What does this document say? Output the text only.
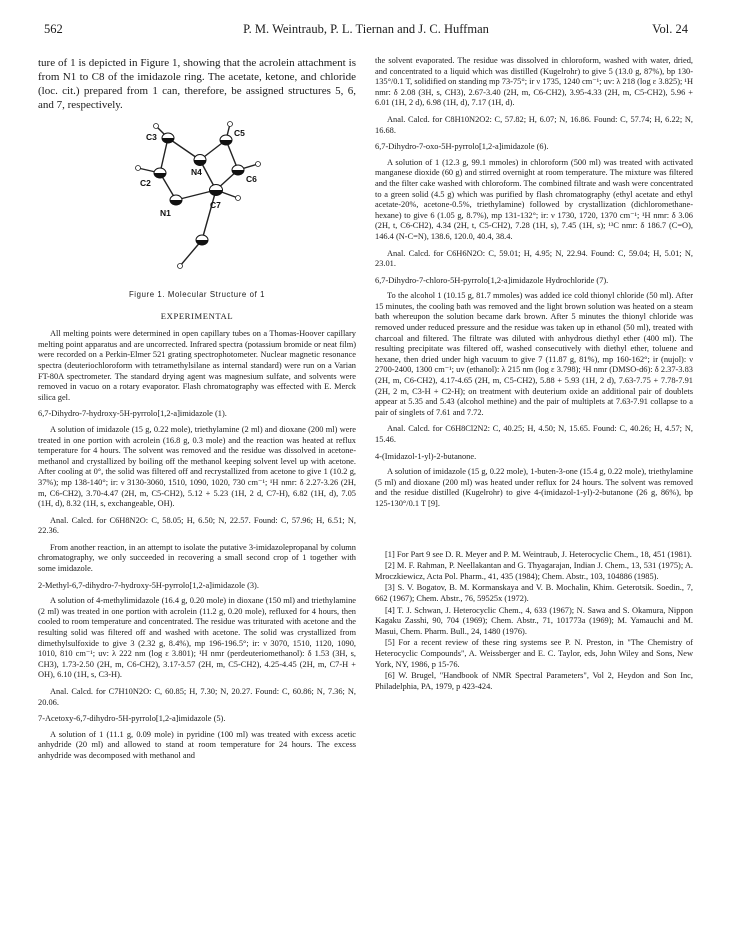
562	P. M. Weintraub, P. L. Tiernan and J. C. Huffman	Vol. 24

ture of 1 is depicted in Figure 1, showing that the acrolein attachment is from N1 to C8 of the imidazole ring. The acetate, ketone, and chloride (loc. cit.) prepared from 1 can, therefore, be assigned structures 5, 6, and 7, respectively.

C3	C5
N4
C6
C2
C7
N1
Figure 1. Molecular Structure of 1
EXPERIMENTAL

All melting points were determined in open capillary tubes on a Thomas-Hoover capillary melting point apparatus and are uncorrected. Infrared spectra (potassium bromide or neat film) were recorded on a Perkin-Elmer 521 grating spectrophotometer. Nuclear magnetic resonance spectra (deuteriochloroform with tetramethylsilane as internal standard) were run on a Varian FT-80A spectrometer. The standard drying agent was magnesium sulfate, and solvents were removed in vacuo on a rotary evaporator. Flash chromatography was effected with E. Merck silica gel.

6,7-Dihydro-7-hydroxy-5H-pyrrolo[1,2-a]imidazole (1).

A solution of imidazole (15 g, 0.22 mole), triethylamine (2 ml) and dioxane (200 ml) were treated in one portion with acrolein (16.8 g, 0.3 mole) and the reaction was heated at reflux temperature for 4 hours. The solvent was removed and the residue was dissolved in acetone-methanol and crystallized by boiling off the methanol keeping solvent level up with acetone. After cooling at 0°, the solid was filtered off and recrystallized from acetone to give 1 (10.2 g, 37%); mp 138-140°; ir: ν 3130-3060, 1510, 1090, 1020, 730 cm⁻¹; ¹H nmr: δ 2.27-3.26 (2H, m, C6-CH2), 3.70-4.47 (2H, m, C5-CH2), 5.12 + 5.23 (1H, 2 d, C7-H), 6.82 (1H, d), 7.05 (1H, d), 8.32 (1H, s, exchangeable, OH).

Anal. Calcd. for C6H8N2O: C, 58.05; H, 6.50; N, 22.57. Found: C, 57.96; H, 6.51; N, 22.36.

From another reaction, in an attempt to isolate the putative 3-imidazolepropanal by column chromatography, we only succeeded in recovering a small second crop of 1 together with some imidazole.

2-Methyl-6,7-dihydro-7-hydroxy-5H-pyrrolo[1,2-a]imidazole (3).

A solution of 4-methylimidazole (16.4 g, 0.20 mole) in dioxane (150 ml) and triethylamine (2 ml) was treated in one portion with acrolein (11.2 g, 0.20 mole), refluxed for 4 hours, then cooled to room temperature and concentrated. The residue was triturated with acetone and the resulting solid was filtered off and washed with acetone. The solid was crystallized from dimethylsulfoxide to give 3 (2.32 g, 8.4%), mp 196-196.5°; ir: ν 3070, 1510, 1120, 1090, 1010, 810 cm⁻¹; uv: λ 222 nm (log ε 3.801); ¹H nmr (perdeuteriomethanol): δ 1.53 (3H, s, CH3), 1.73-2.50 (2H, m, C6-CH2), 3.17-3.57 (2H, m, C5-CH2), 4.25-4.45 (2H, m, C7-H + OH), 6.10 (1H, s, C3-H).

Anal. Calcd. for C7H10N2O: C, 60.85; H, 7.30; N, 20.27. Found: C, 60.86; N, 7.36; N, 20.06.

7-Acetoxy-6,7-dihydro-5H-pyrrolo[1,2-a]imidazole (5).

A solution of 1 (11.1 g, 0.09 mole) in pyridine (100 ml) was treated with excess acetic anhydride (20 ml) and allowed to stand at room temperature for 24 hours. The excess anhydride was decomposed with methanol and

the solvent evaporated. The residue was dissolved in chloroform, washed with water, dried, and concentrated to a liquid which was distilled (Kugelrohr) to give 5 (13.0 g, 87%), bp 130-135°/0.1 T, solidified on standing mp 73-75°; ir ν 1735, 1240 cm⁻¹; uv: λ 218 (log ε 3.825); ¹H nmr: δ 2.08 (3H, s, CH3), 2.67-3.40 (2H, m, C6-CH2), 3.95-4.33 (2H, m, C5-CH2), 5.96 + 6.01 (1H, 2 d), 6.98 (1H, d), 7.17 (1H, d).

Anal. Calcd. for C8H10N2O2: C, 57.82; H, 6.07; N, 16.86. Found: C, 57.74; H, 6.22; N, 16.68.

6,7-Dihydro-7-oxo-5H-pyrrolo[1,2-a]imidazole (6).

A solution of 1 (12.3 g, 99.1 mmoles) in chloroform (500 ml) was treated with activated manganese dioxide (60 g) and stirred overnight at room temperature. The mixture was filtered and the filter cake washed with chloroform. The combined filtrate and wash were concentrated to a green solid (4.5 g) which was purified by flash chromatography (ethyl acetate and ethyl acetate-20%, acetone-0.5%, triethylamine) followed by crystallization (dichloromethane-hexane) to give 6 (1.05 g, 8.7%), mp 131-132°; ir: ν 1730, 1720, 1370 cm⁻¹; ¹H nmr: δ 3.06 (2H, t, C6-CH2), 4.34 (2H, t, C5-CH2), 7.28 (1H, s), 7.45 (1H, s); ¹³C nmr: δ 186.7 (C=O), 146.4 (N-C=N), 138.6, 120.0, 40.4, 38.4.

Anal. Calcd. for C6H6N2O: C, 59.01; H, 4.95; N, 22.94. Found: C, 59.04; H, 5.01; N, 23.01.

6,7-Dihydro-7-chloro-5H-pyrrolo[1,2-a]imidazole Hydrochloride (7).

To the alcohol 1 (10.15 g, 81.7 mmoles) was added ice cold thionyl chloride (50 ml). After 15 minutes, the cooling bath was removed and the light brown solution was heated on a steam bath whereupon the solution became dark brown. After 5 minutes the thionyl chloride was removed under reduced pressure and the residue was taken up in ethanol (50 ml), treated with charcoal and filtered. The filtrate was diluted with anhydrous diethyl ether (400 ml). The resulting precipitate was filtered off, washed consecutively with diethyl ether, toluene and hexane, then dried under high vacuum to give 7 (11.87 g, 81%), mp 160-162°; ir (nujol): ν 2700-2400, 1300 cm⁻¹; uv (ethanol): λ 215 nm (log ε 3.798); ¹H nmr (DMSO-d6): δ 2.37-3.83 (2H, m, C6-CH2), 4.17-4.65 (2H, m, C5-CH2), 5.88 + 5.93 (1H, 2 d), 7.63-7.75 + 7.78-7.91 (2H, 2 m, C3-H + C2-H); on treatment with deuterium oxide an additional pair of doublets appear at 5.35 and 5.43 (alcohol methine) and the pair of multiplets at 7.63-7.91 collapse to a pair of singlets of 7.61 and 7.72.

Anal. Calcd. for C6H8Cl2N2: C, 40.25; H, 4.50; N, 15.65. Found: C, 40.26; H, 4.57; N, 15.46.

4-(Imidazol-1-yl)-2-butanone.

A solution of imidazole (15 g, 0.22 mole), 1-buten-3-one (15.4 g, 0.22 mole), triethylamine (5 ml) and dioxane (200 ml) was heated under reflux for 24 hours. The solvent was removed and the residue distilled (Kugelrohr) to give 4-(imidazol-1-yl)-2-butanone (26 g, 86%), bp 125-130°/0.1 T [9].

[1] For Part 9 see D. R. Meyer and P. M. Weintraub, J. Heterocyclic Chem., 18, 451 (1981).

[2] M. F. Rahman, P. Neellakantan and G. Thyagarajan, Indian J. Chem., 13, 531 (1975); A. Mroczkiewicz, Acta Pol. Pharm., 41, 435 (1984); Chem. Abstr., 103, 104886 (1985).

[3] S. V. Bogatov, B. M. Kormanskaya and V. B. Mochalin, Khim. Geterotsik. Soedin., 7, 662 (1967); Chem. Abstr., 76, 59525x (1972).

[4] T. J. Schwan, J. Heterocyclic Chem., 4, 633 (1967); N. Sawa and S. Okamura, Nippon Kagaku Zasshi, 90, 704 (1969); Chem. Abstr., 71, 101773a (1969); M. Yamauchi and M. Masui, Chem. Pharm. Bull., 24, 1480 (1976).

[5] For a recent review of these ring systems see P. N. Preston, in "The Chemistry of Heterocyclic Compounds", A. Weissberger and E. C. Taylor, eds, John Wiley and Sons, New York, NY, 1986, p 15-76.

[6] W. Brugel, "Handbook of NMR Spectral Parameters", Vol 2, Heydon and Son Inc, Philadelphia, PA, 1979, p 423-424.
